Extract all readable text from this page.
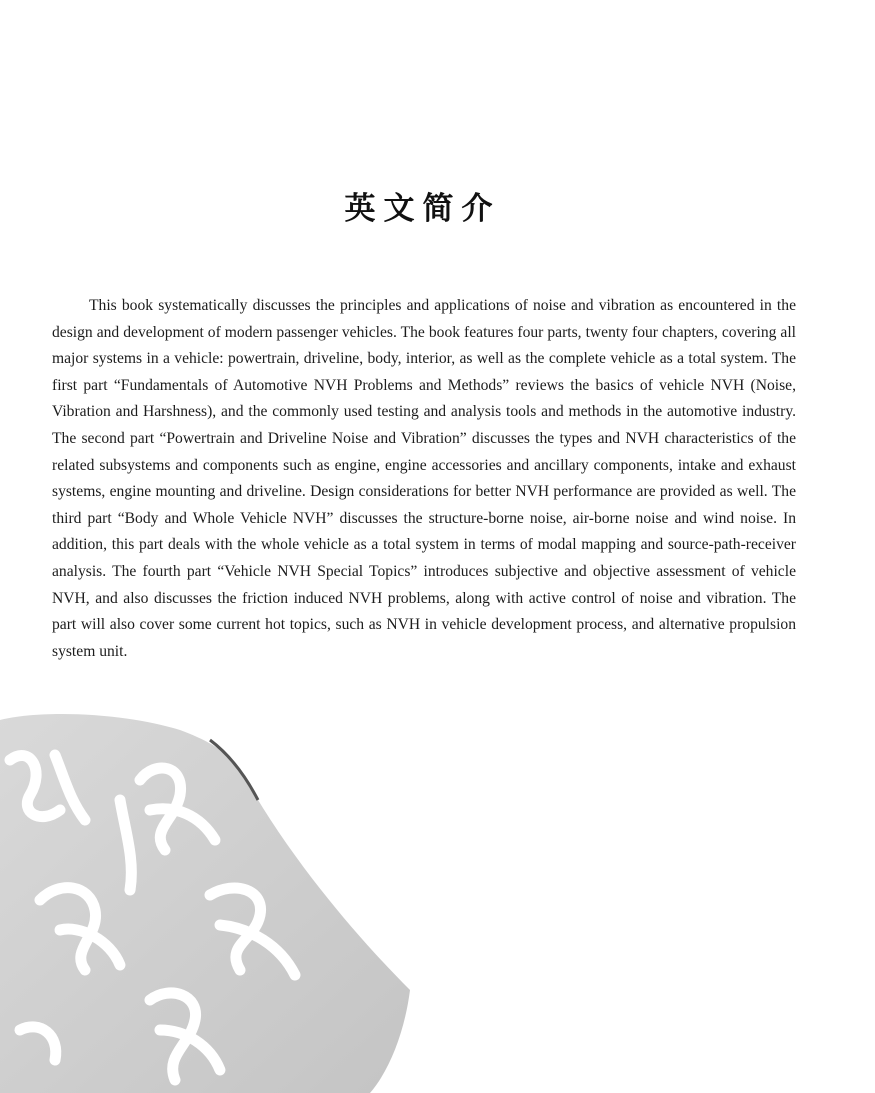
英文简介

This book systematically discusses the principles and applications of noise and vibration as encountered in the design and development of modern passenger vehicles. The book features four parts, twenty four chapters, covering all major systems in a vehicle: powertrain, driveline, body, interior, as well as the complete vehicle as a total system. The first part “Fundamentals of Automotive NVH Problems and Methods” reviews the basics of vehicle NVH (Noise, Vibration and Harshness), and the commonly used testing and analysis tools and methods in the automotive industry. The second part “Powertrain and Driveline Noise and Vibration” discusses the types and NVH characteristics of the related subsystems and components such as engine, engine accessories and ancillary components, intake and exhaust systems, engine mounting and driveline. Design considerations for better NVH performance are provided as well. The third part “Body and Whole Vehicle NVH” discusses the structure-borne noise, air-borne noise and wind noise. In addition, this part deals with the whole vehicle as a total system in terms of modal mapping and source-path-receiver analysis. The fourth part “Vehicle NVH Special Topics” introduces subjective and objective assessment of vehicle NVH, and also discusses the friction induced NVH problems, along with active control of noise and vibration. The part will also cover some current hot topics, such as NVH in vehicle development process, and alternative propulsion system unit.
